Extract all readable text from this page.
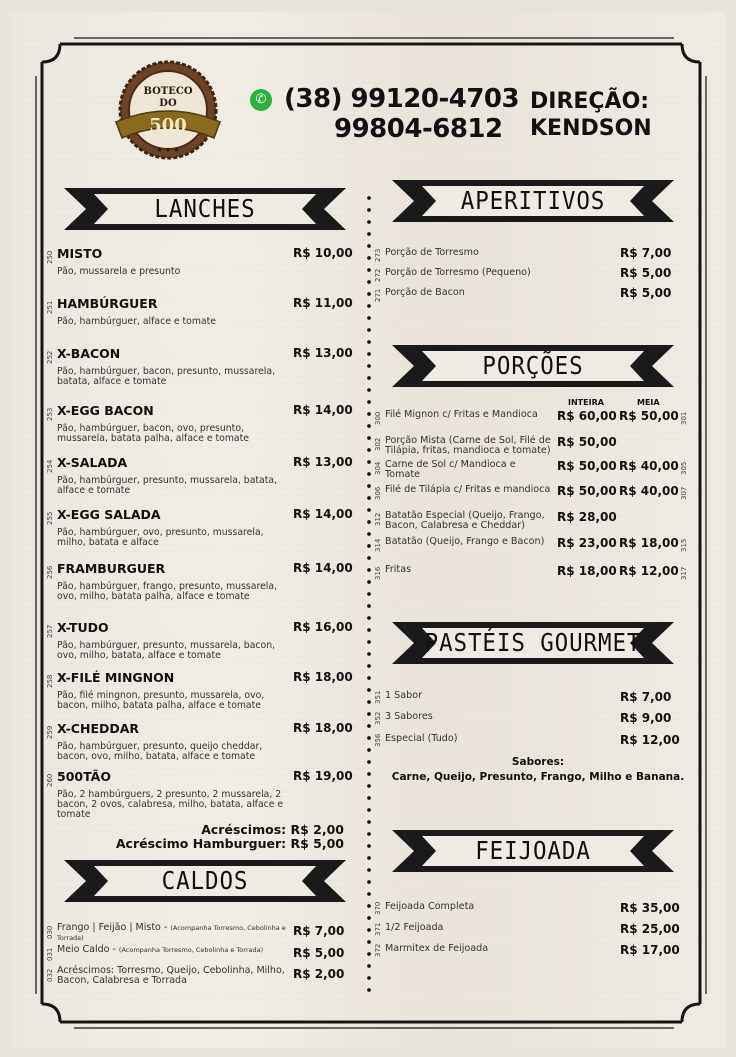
BOTECO
DO
500
★ ★ ★
✆ (38) 99120-4703
99804-6812
DIREÇÃO:
KENDSON
LANCHES
250 MISTO	R$ 10,00
Pão, mussarela e presunto
251 HAMBÚRGUER	R$ 11,00
Pão, hambúrguer, alface e tomate
252 X-BACON	R$ 13,00
Pão, hambúrguer, bacon, presunto, mussarela, batata, alface e tomate
253 X-EGG BACON	R$ 14,00
Pão, hambúrguer, bacon, ovo, presunto, mussarela, batata palha, alface e tomate
254 X-SALADA	R$ 13,00
Pão, hambúrguer, presunto, mussarela, batata, alface e tomate
255 X-EGG SALADA	R$ 14,00
Pão, hambúrguer, ovo, presunto, mussarela, milho, batata e alface
256 FRAMBURGUER	R$ 14,00
Pão, hambúrguer, frango, presunto, mussarela, ovo, milho, batata palha, alface e tomate
257 X-TUDO	R$ 16,00
Pão, hambúrguer, presunto, mussarela, bacon, ovo, milho, batata, alface e tomate
258 X-FILÉ MINGNON	R$ 18,00
Pão, filé mingnon, presunto, mussarela, ovo, bacon, milho, batata palha, alface e tomate
259 X-CHEDDAR	R$ 18,00
Pão, hambúrguer, presunto, queijo cheddar, bacon, ovo, milho, batata, alface e tomate
260 500TÃO	R$ 19,00
Pão, 2 hambúrguers, 2 presunto, 2 mussarela, 2 bacon, 2 ovos, calabresa, milho, batata, alface e tomate
Acréscimos: R$ 2,00
Acréscimo Hamburguer: R$ 5,00
CALDOS
030 Frango | Feijão | Misto - (Acompanha Torresmo, Cebolinha e Torrada)	R$ 7,00
031 Meio Caldo - (Acompanha Torresmo, Cebolinha e Torrada)	R$ 5,00
032 Acréscimos: Torresmo, Queijo, Cebolinha, Milho, Bacon, Calabresa e Torrada	R$ 2,00
APERITIVOS
273 Porção de Torresmo	R$ 7,00
272 Porção de Torresmo (Pequeno)	R$ 5,00
271 Porção de Bacon	R$ 5,00
PORÇÕES
INTEIRA	MEIA
300	301
Filé Mignon c/ Fritas e Mandioca	R$ 60,00 R$ 50,00
302 Porção Mista (Carne de Sol, Filé de Tilápia, fritas, mandioca e tomate)
R$ 50,00
304	305
Carne de Sol c/ Mandioca e Tomate
R$ 50,00 R$ 40,00
306	307
Filé de Tilápia c/ Fritas e mandioca R$ 50,00 R$ 40,00
312 Batatão Especial (Queijo, Frango, Bacon, Calabresa e Cheddar)
R$ 28,00
314	315
Batatão (Queijo, Frango e Bacon)	R$ 23,00 R$ 18,00
316	317
Fritas	R$ 18,00 R$ 12,00
PASTÉIS GOURMET
351 1 Sabor	R$ 7,00
352 3 Sabores	R$ 9,00
356 Especial (Tudo)	R$ 12,00
Sabores:
Carne, Queijo, Presunto, Frango, Milho e Banana.
FEIJOADA
370 Feijoada Completa	R$ 35,00
371 1/2 Feijoada	R$ 25,00
372 Marmitex de Feijoada	R$ 17,00
